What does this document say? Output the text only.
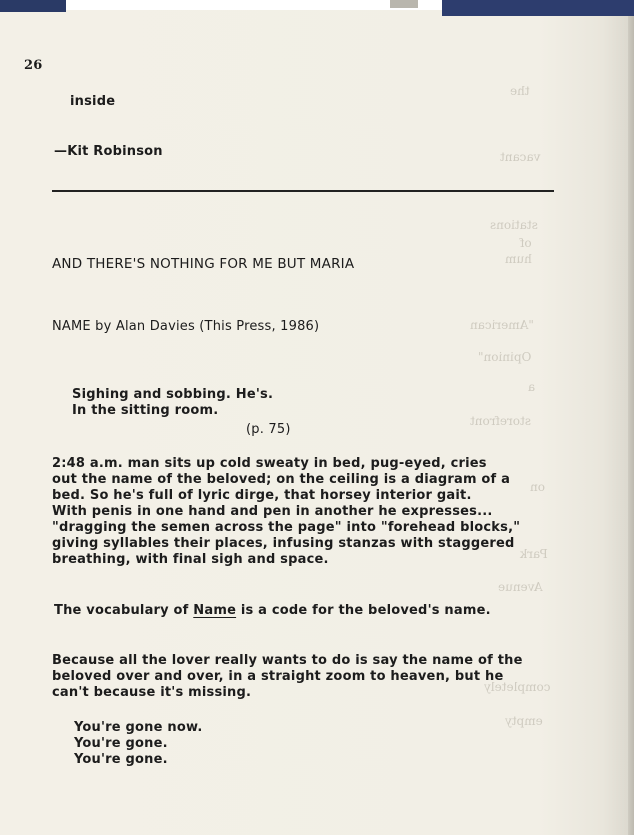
the
vacant
stations
of
hum
"American
Opinion"
a
storefront
on
Park
Avenue
completely
empty
26
inside
—Kit Robinson
AND THERE'S NOTHING FOR ME BUT MARIA
NAME by Alan Davies (This Press, 1986)
Sighing and sobbing. He's.
In the sitting room.
(p. 75)
2:48 a.m. man sits up cold sweaty in bed, pug-eyed, cries
out the name of the beloved; on the ceiling is a diagram of a
bed. So he's full of lyric dirge, that horsey interior gait.
With penis in one hand and pen in another he expresses...
"dragging the semen across the page" into "forehead blocks,"
giving syllables their places, infusing stanzas with staggered
breathing, with final sigh and space.
The vocabulary of Name is a code for the beloved's name.
Because all the lover really wants to do is say the name of the
beloved over and over, in a straight zoom to heaven, but he
can't because it's missing.
You're gone now.
You're gone.
You're gone.
